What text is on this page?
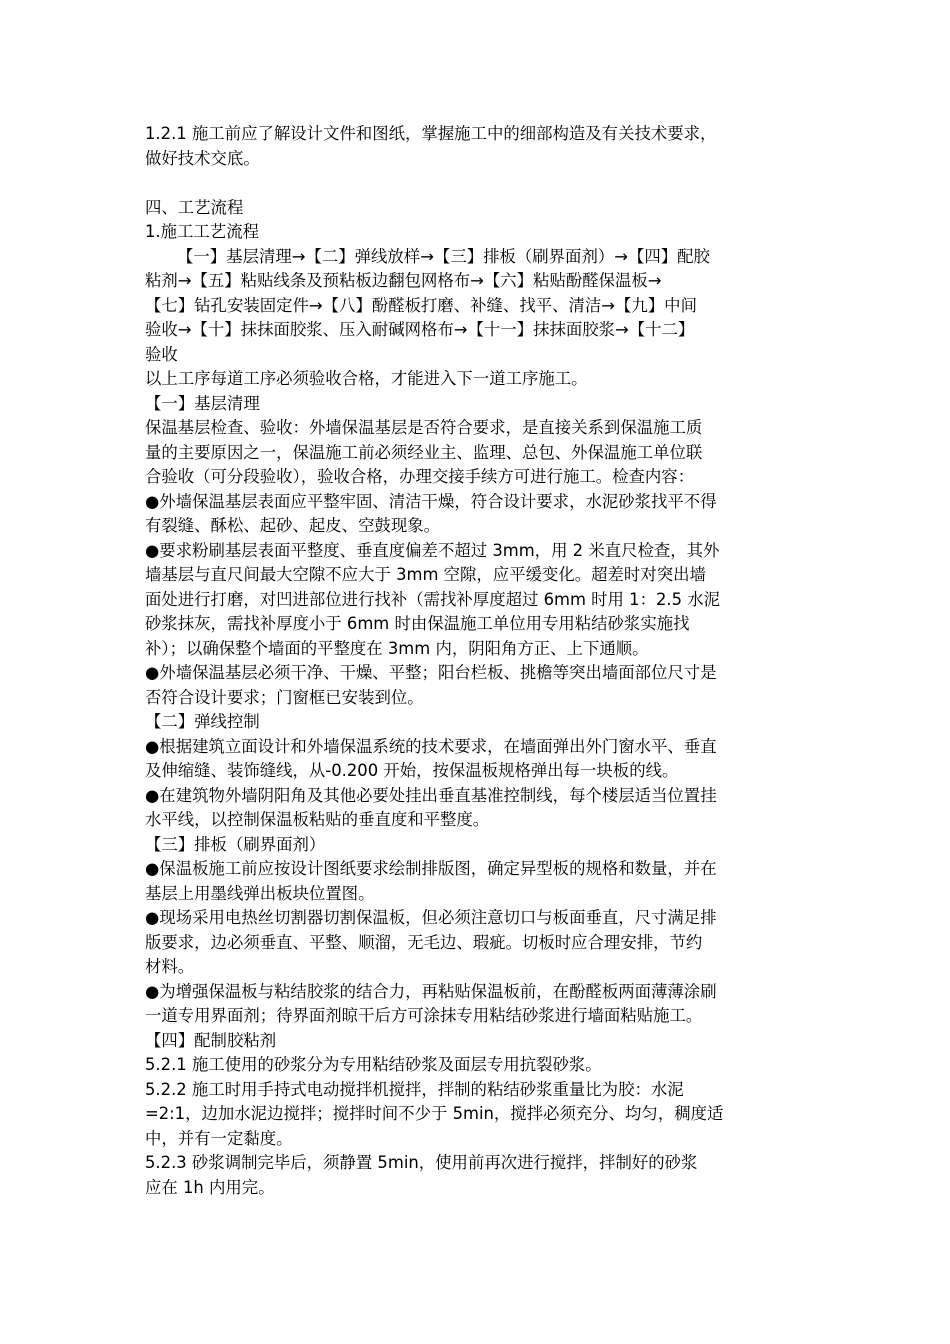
1.2.1 施工前应了解设计文件和图纸，掌握施工中的细部构造及有关技术要求，
做好技术交底。
四、工艺流程
1.施工工艺流程
【一】基层清理→【二】弹线放样→【三】排板（刷界面剂）→【四】配胶
粘剂→【五】粘贴线条及预粘板边翻包网格布→【六】粘贴酚醛保温板→
【七】钻孔安装固定件→【八】酚醛板打磨、补缝、找平、清洁→【九】中间
验收→【十】抹抹面胶浆、压入耐碱网格布→【十一】抹抹面胶浆→【十二】
验收
以上工序每道工序必须验收合格，才能进入下一道工序施工。
【一】基层清理
保温基层检查、验收：外墙保温基层是否符合要求，是直接关系到保温施工质
量的主要原因之一，保温施工前必须经业主、监理、总包、外保温施工单位联
合验收（可分段验收），验收合格，办理交接手续方可进行施工。检查内容：
●外墙保温基层表面应平整牢固、清洁干燥，符合设计要求，水泥砂浆找平不得
有裂缝、酥松、起砂、起皮、空鼓现象。
●要求粉刷基层表面平整度、垂直度偏差不超过 3mm，用 2 米直尺检查，其外
墙基层与直尺间最大空隙不应大于 3mm 空隙，应平缓变化。超差时对突出墙
面处进行打磨，对凹进部位进行找补（需找补厚度超过 6mm 时用 1：2.5 水泥
砂浆抹灰，需找补厚度小于 6mm 时由保温施工单位用专用粘结砂浆实施找
补）；以确保整个墙面的平整度在 3mm 内，阴阳角方正、上下通顺。
●外墙保温基层必须干净、干燥、平整；阳台栏板、挑檐等突出墙面部位尺寸是
否符合设计要求；门窗框已安装到位。
【二】弹线控制
●根据建筑立面设计和外墙保温系统的技术要求，在墙面弹出外门窗水平、垂直
及伸缩缝、装饰缝线，从-0.200 开始，按保温板规格弹出每一块板的线。
●在建筑物外墙阴阳角及其他必要处挂出垂直基准控制线，每个楼层适当位置挂
水平线，以控制保温板粘贴的垂直度和平整度。
【三】排板（刷界面剂）
●保温板施工前应按设计图纸要求绘制排版图，确定异型板的规格和数量，并在
基层上用墨线弹出板块位置图。
●现场采用电热丝切割器切割保温板，但必须注意切口与板面垂直，尺寸满足排
版要求，边必须垂直、平整、顺溜，无毛边、瑕疵。切板时应合理安排，节约
材料。
●为增强保温板与粘结胶浆的结合力，再粘贴保温板前，在酚醛板两面薄薄涂刷
一道专用界面剂；待界面剂晾干后方可涂抹专用粘结砂浆进行墙面粘贴施工。
【四】配制胶粘剂
5.2.1 施工使用的砂浆分为专用粘结砂浆及面层专用抗裂砂浆。
5.2.2 施工时用手持式电动搅拌机搅拌，拌制的粘结砂浆重量比为胶：水泥
=2:1，边加水泥边搅拌；搅拌时间不少于 5min，搅拌必须充分、均匀，稠度适
中，并有一定黏度。
5.2.3 砂浆调制完毕后，须静置 5min，使用前再次进行搅拌，拌制好的砂浆
应在 1h 内用完。
